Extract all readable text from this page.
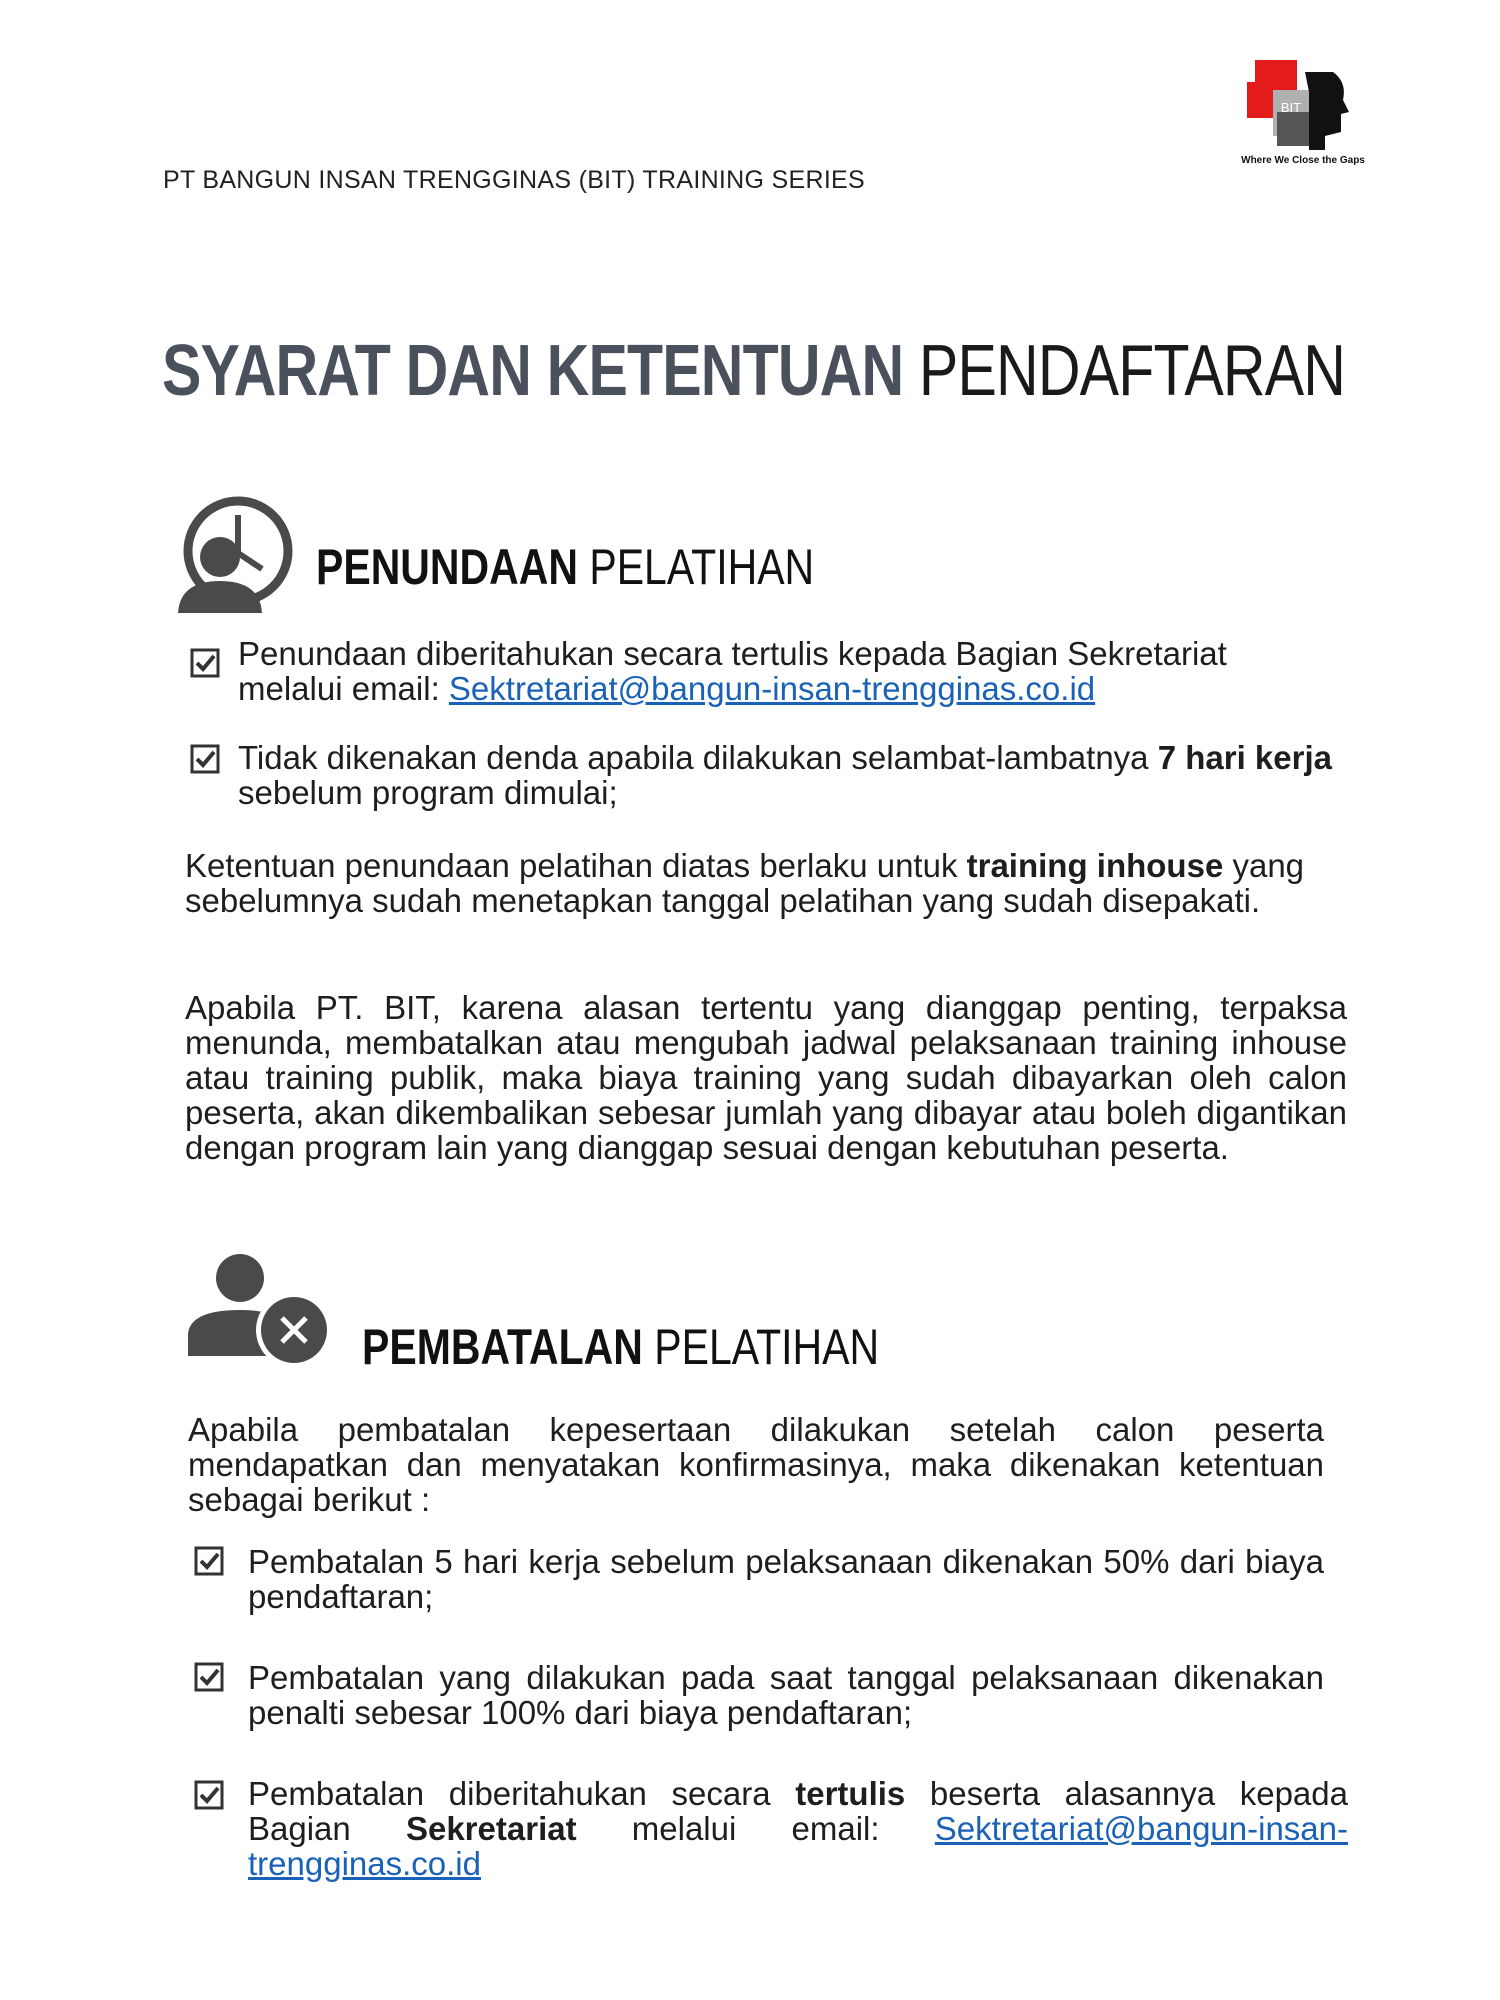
PT BANGUN INSAN TRENGGINAS (BIT) TRAINING SERIES
BIT
Where We Close the Gaps
SYARAT DAN KETENTUAN PENDAFTARAN
PENUNDAAN PELATIHAN
Penundaan diberitahukan secara tertulis kepada Bagian Sekretariat melalui email: Sektretariat@bangun-insan-trengginas.co.id
Tidak dikenakan denda apabila dilakukan selambat-lambatnya 7 hari kerja sebelum program dimulai;
Ketentuan penundaan pelatihan diatas berlaku untuk training inhouse yang sebelumnya sudah menetapkan tanggal pelatihan yang sudah disepakati.
Apabila PT. BIT, karena alasan tertentu yang dianggap penting, terpaksa menunda, membatalkan atau mengubah jadwal pelaksanaan training inhouse atau training publik, maka biaya training yang sudah dibayarkan oleh calon peserta, akan dikembalikan sebesar jumlah yang dibayar atau boleh digantikan dengan program lain yang dianggap sesuai dengan kebutuhan peserta.
PEMBATALAN PELATIHAN
Apabila pembatalan kepesertaan dilakukan setelah calon peserta mendapatkan dan menyatakan konfirmasinya, maka dikenakan ketentuan sebagai berikut :
Pembatalan 5 hari kerja sebelum pelaksanaan dikenakan 50% dari biaya pendaftaran;
Pembatalan yang dilakukan pada saat tanggal pelaksanaan dikenakan penalti sebesar 100% dari biaya pendaftaran;
Pembatalan diberitahukan secara tertulis beserta alasannya kepada Bagian Sekretariat melalui email: Sektretariat@bangun-insan-trengginas.co.id
